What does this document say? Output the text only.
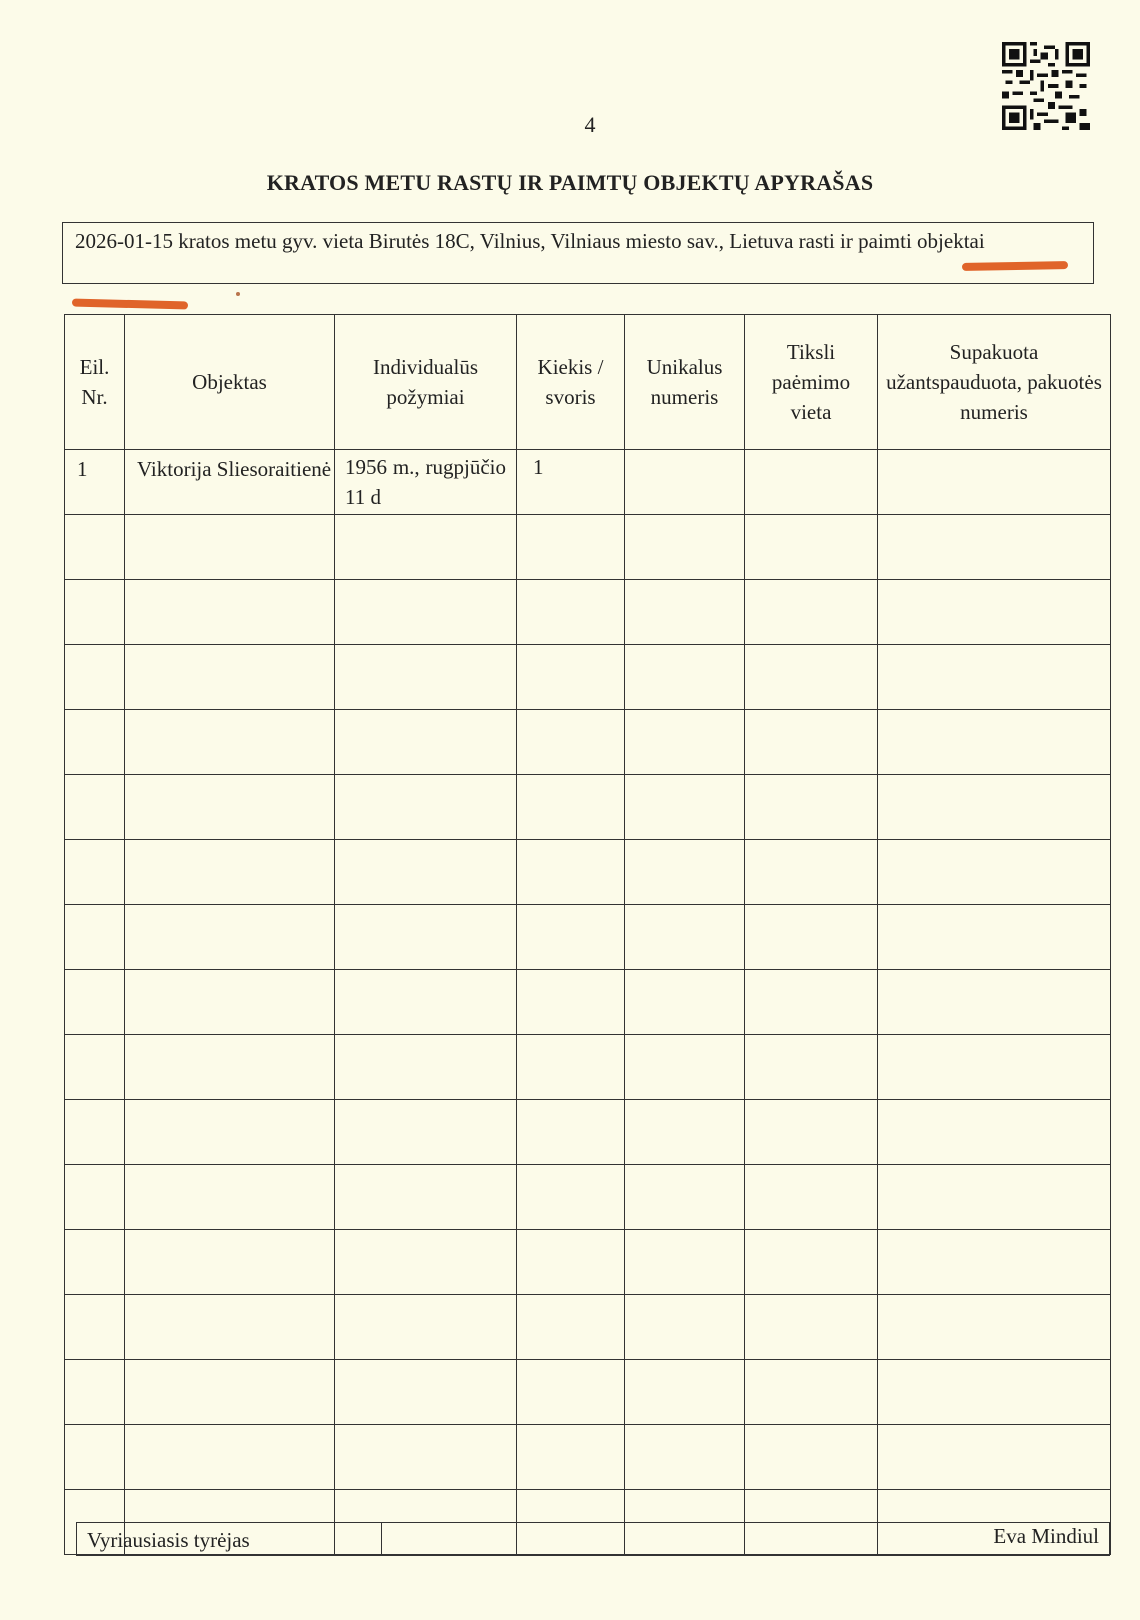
4
KRATOS METU RASTŲ IR PAIMTŲ OBJEKTŲ APYRAŠAS
2026-01-15 kratos metu gyv. vieta Birutės 18C, Vilnius, Vilniaus miesto sav., Lietuva rasti ir paimti objektai
Eil. Nr.	Objektas	Individualūs požymiai	Kiekis / svoris	Unikalus numeris	Tiksli paėmimo vieta	Supakuota užantspauduota, pakuotės numeris
1	Viktorija Sliesoraitienė	1956 m., rugpjūčio 11 d	1			

Vyriausiasis tyrėjas	Eva Mindiul
